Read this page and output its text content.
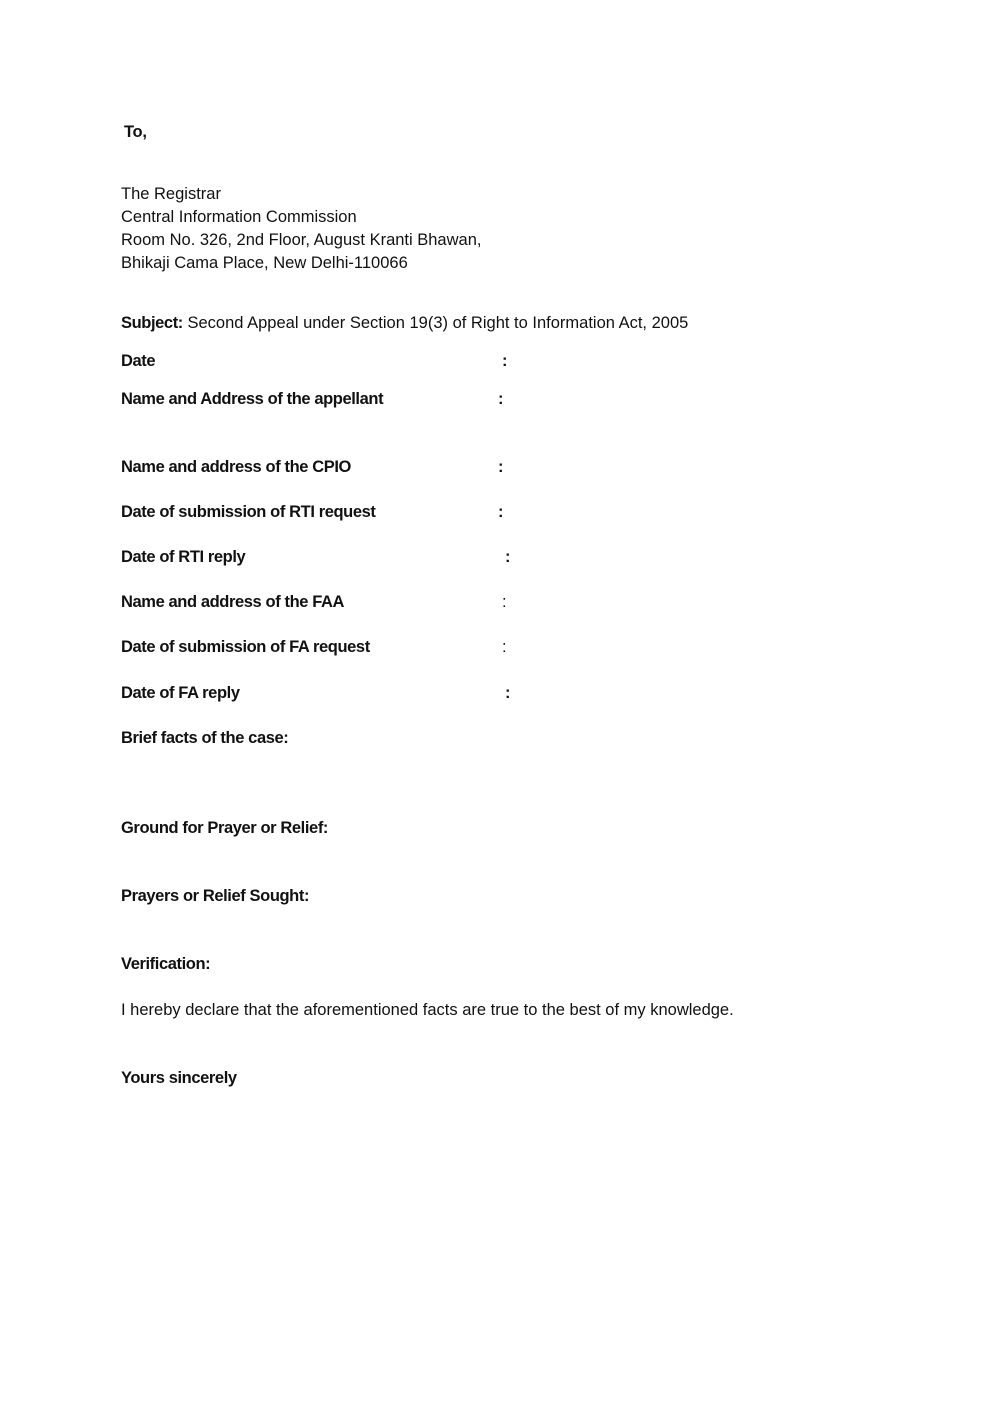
To,
The Registrar
Central Information Commission
Room No. 326, 2nd Floor, August Kranti Bhawan,
Bhikaji Cama Place, New Delhi-110066
Subject: Second Appeal under Section 19(3) of Right to Information Act, 2005
Date	:
Name and Address of the appellant	:
Name and address of the CPIO	:
Date of submission of RTI request	:
Date of RTI reply	:
Name and address of the FAA	:
Date of submission of FA request	:
Date of FA reply	:
Brief facts of the case:
Ground for Prayer or Relief:
Prayers or Relief Sought:
Verification:
I hereby declare that the aforementioned facts are true to the best of my knowledge.
Yours sincerely
